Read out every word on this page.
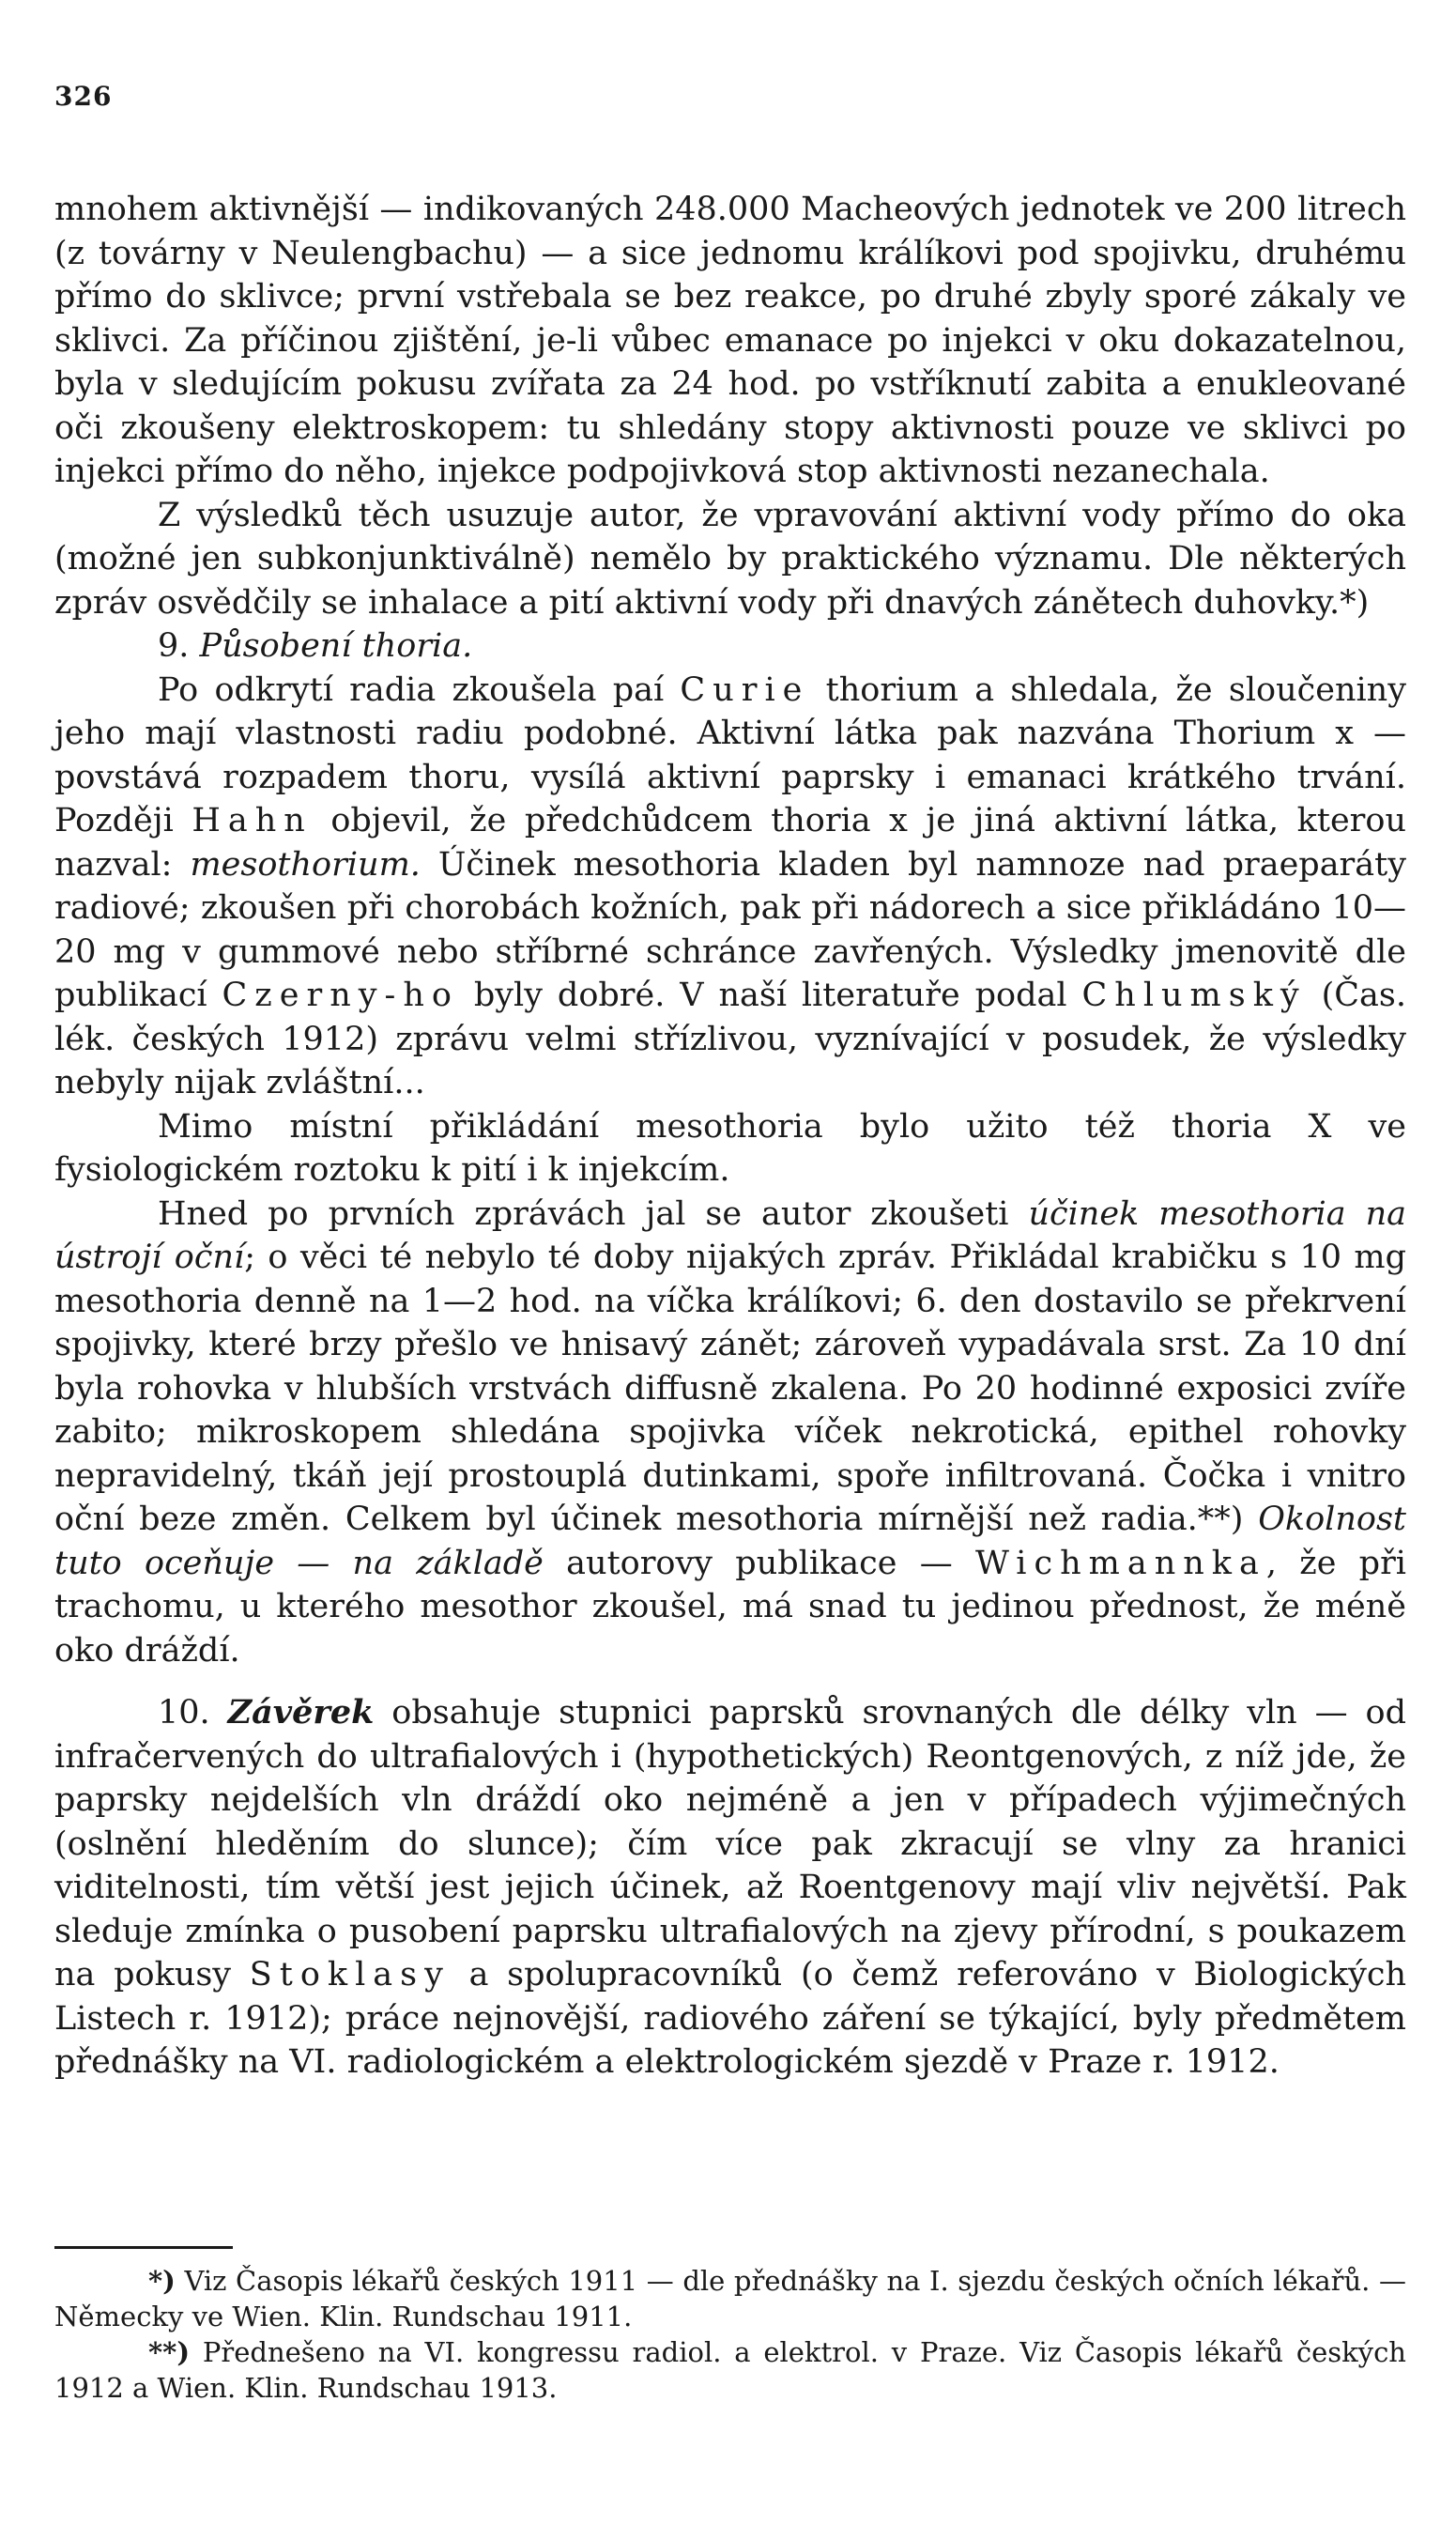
326

mnohem aktivnější — indikovaných 248.000 Macheových jednotek ve 200 litrech (z továrny v Neulengbachu) — a sice jednomu králíkovi pod spojivku, druhému přímo do sklivce; první vstřebala se bez reakce, po druhé zbyly sporé zákaly ve sklivci. Za příčinou zjištění, je-li vůbec emanace po injekci v oku dokazatelnou, byla v sledujícím pokusu zvířata za 24 hod. po vstříknutí zabita a enukleované oči zkoušeny elektroskopem: tu shledány stopy aktivnosti pouze ve sklivci po injekci přímo do něho, injekce podpojivková stop aktivnosti nezanechala.

Z výsledků těch usuzuje autor, že vpravování aktivní vody přímo do oka (možné jen subkonjunktiválně) nemělo by praktického významu. Dle některých zpráv osvědčily se inhalace a pití aktivní vody při dnavých zánětech duhovky.*)

9. Působení thoria.

Po odkrytí radia zkoušela paí Curie thorium a shledala, že sloučeniny jeho mají vlastnosti radiu podobné. Aktivní látka pak nazvána Thorium x — povstává rozpadem thoru, vysílá aktivní paprsky i emanaci krátkého trvání. Později Hahn objevil, že předchůdcem thoria x je jiná aktivní látka, kterou nazval: mesothorium. Účinek mesothoria kladen byl namnoze nad praeparáty radiové; zkoušen při chorobách kožních, pak při nádorech a sice přikládáno 10—20 mg v gummové nebo stříbrné schránce zavřených. Výsledky jmenovitě dle publikací Czerny-ho byly dobré. V naší literatuře podal Chlumský (Čas. lék. českých 1912) zprávu velmi střízlivou, vyznívající v posudek, že výsledky nebyly nijak zvláštní...

Mimo místní přikládání mesothoria bylo užito též thoria X ve fysiologickém roztoku k pití i k injekcím.

Hned po prvních zprávách jal se autor zkoušeti účinek mesothoria na ústrojí oční; o věci té nebylo té doby nijakých zpráv. Přikládal krabičku s 10 mg mesothoria denně na 1—2 hod. na víčka králíkovi; 6. den dostavilo se překrvení spojivky, které brzy přešlo ve hnisavý zánět; zároveň vypadávala srst. Za 10 dní byla rohovka v hlubších vrstvách diffusně zkalena. Po 20 hodinné exposici zvíře zabito; mikroskopem shledána spojivka víček nekrotická, epithel rohovky nepravidelný, tkáň její prostouplá dutinkami, spoře infiltrovaná. Čočka i vnitro oční beze změn. Celkem byl účinek mesothoria mírnější než radia.**) Okolnost tuto oceňuje — na základě autorovy publikace — Wichmannka, že při trachomu, u kterého mesothor zkoušel, má snad tu jedinou přednost, že méně oko dráždí.

10. Závěrek obsahuje stupnici paprsků srovnaných dle délky vln — od infračervených do ultrafialových i (hypothetických) Reontgenových, z níž jde, že paprsky nejdelších vln dráždí oko nejméně a jen v případech výjimečných (oslnění hleděním do slunce); čím více pak zkracují se vlny za hranici viditelnosti, tím větší jest jejich účinek, až Roentgenovy mají vliv největší. Pak sleduje zmínka o pusobení paprsku ultrafialových na zjevy přírodní, s poukazem na pokusy Stoklasy a spolupracovníků (o čemž referováno v Biologických Listech r. 1912); práce nejnovější, radiového záření se týkající, byly předmětem přednášky na VI. radiologickém a elektrologickém sjezdě v Praze r. 1912.

*) Viz Časopis lékařů českých 1911 — dle přednášky na I. sjezdu českých očních lékařů. — Německy ve Wien. Klin. Rundschau 1911.

**) Přednešeno na VI. kongressu radiol. a elektrol. v Praze. Viz Časopis lékařů českých 1912 a Wien. Klin. Rundschau 1913.
